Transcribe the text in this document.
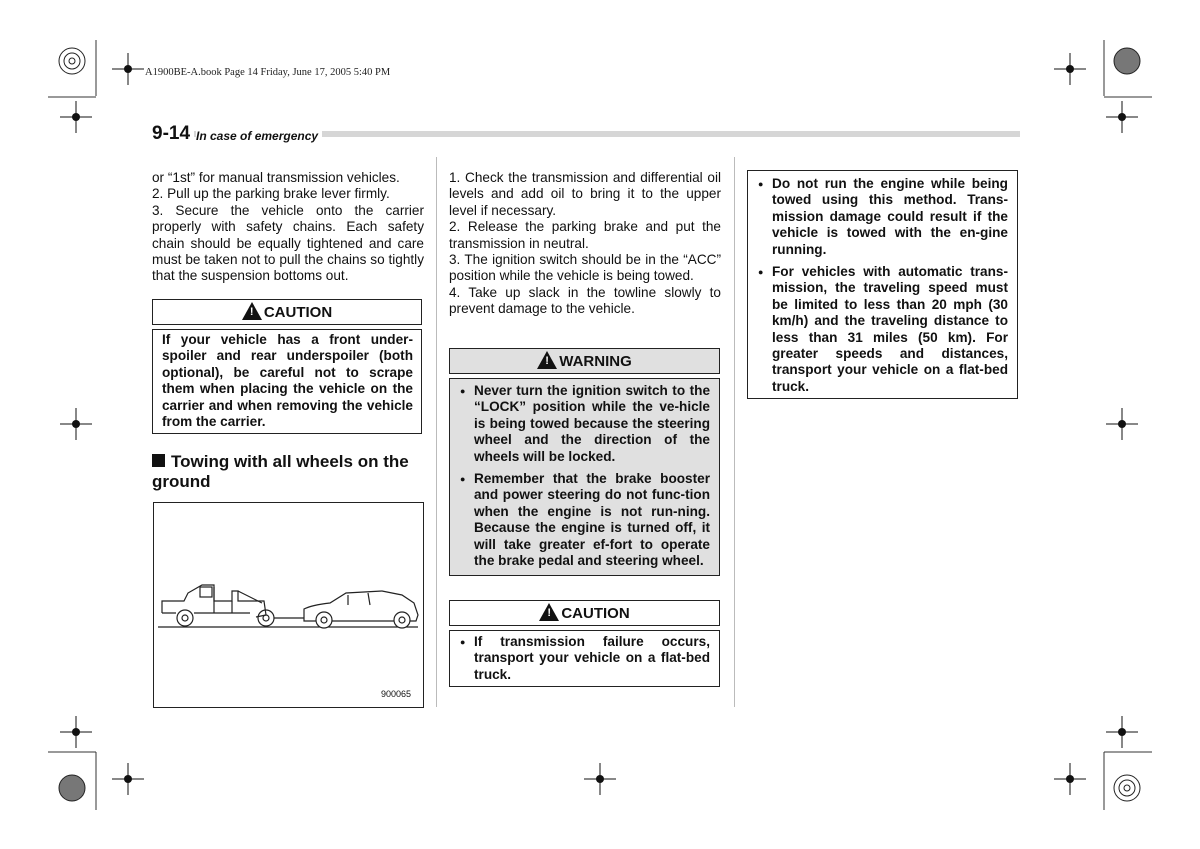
A1900BE-A.book Page 14 Friday, June 17, 2005 5:40 PM
9-14 In case of emergency

or “1st” for manual transmission vehicles.

2. Pull up the parking brake lever firmly.

3. Secure the vehicle onto the carrier properly with safety chains. Each safety chain should be equally tightened and care must be taken not to pull the chains so tightly that the suspension bottoms out.

!CAUTION
If your vehicle has a front under-spoiler and rear underspoiler (both optional), be careful not to scrape them when placing the vehicle on the carrier and when removing the vehicle from the carrier.
Towing with all wheels on the ground
900065

1. Check the transmission and differential oil levels and add oil to bring it to the upper level if necessary.

2. Release the parking brake and put the transmission in neutral.

3. The ignition switch should be in the “ACC” position while the vehicle is being towed.

4. Take up slack in the towline slowly to prevent damage to the vehicle.

!WARNING
● Never turn the ignition switch to the “LOCK” position while the ve-hicle is being towed because the steering wheel and the direction of the wheels will be locked.
● Remember that the brake booster and power steering do not func-tion when the engine is not run-ning. Because the engine is turned off, it will take greater ef-fort to operate the brake pedal and steering wheel.
!CAUTION
● If transmission failure occurs, transport your vehicle on a flat-bed truck.
● Do not run the engine while being towed using this method. Trans-mission damage could result if the vehicle is towed with the en-gine running.
● For vehicles with automatic trans-mission, the traveling speed must be limited to less than 20 mph (30 km/h) and the traveling distance to less than 31 miles (50 km). For greater speeds and distances, transport your vehicle on a flat-bed truck.
